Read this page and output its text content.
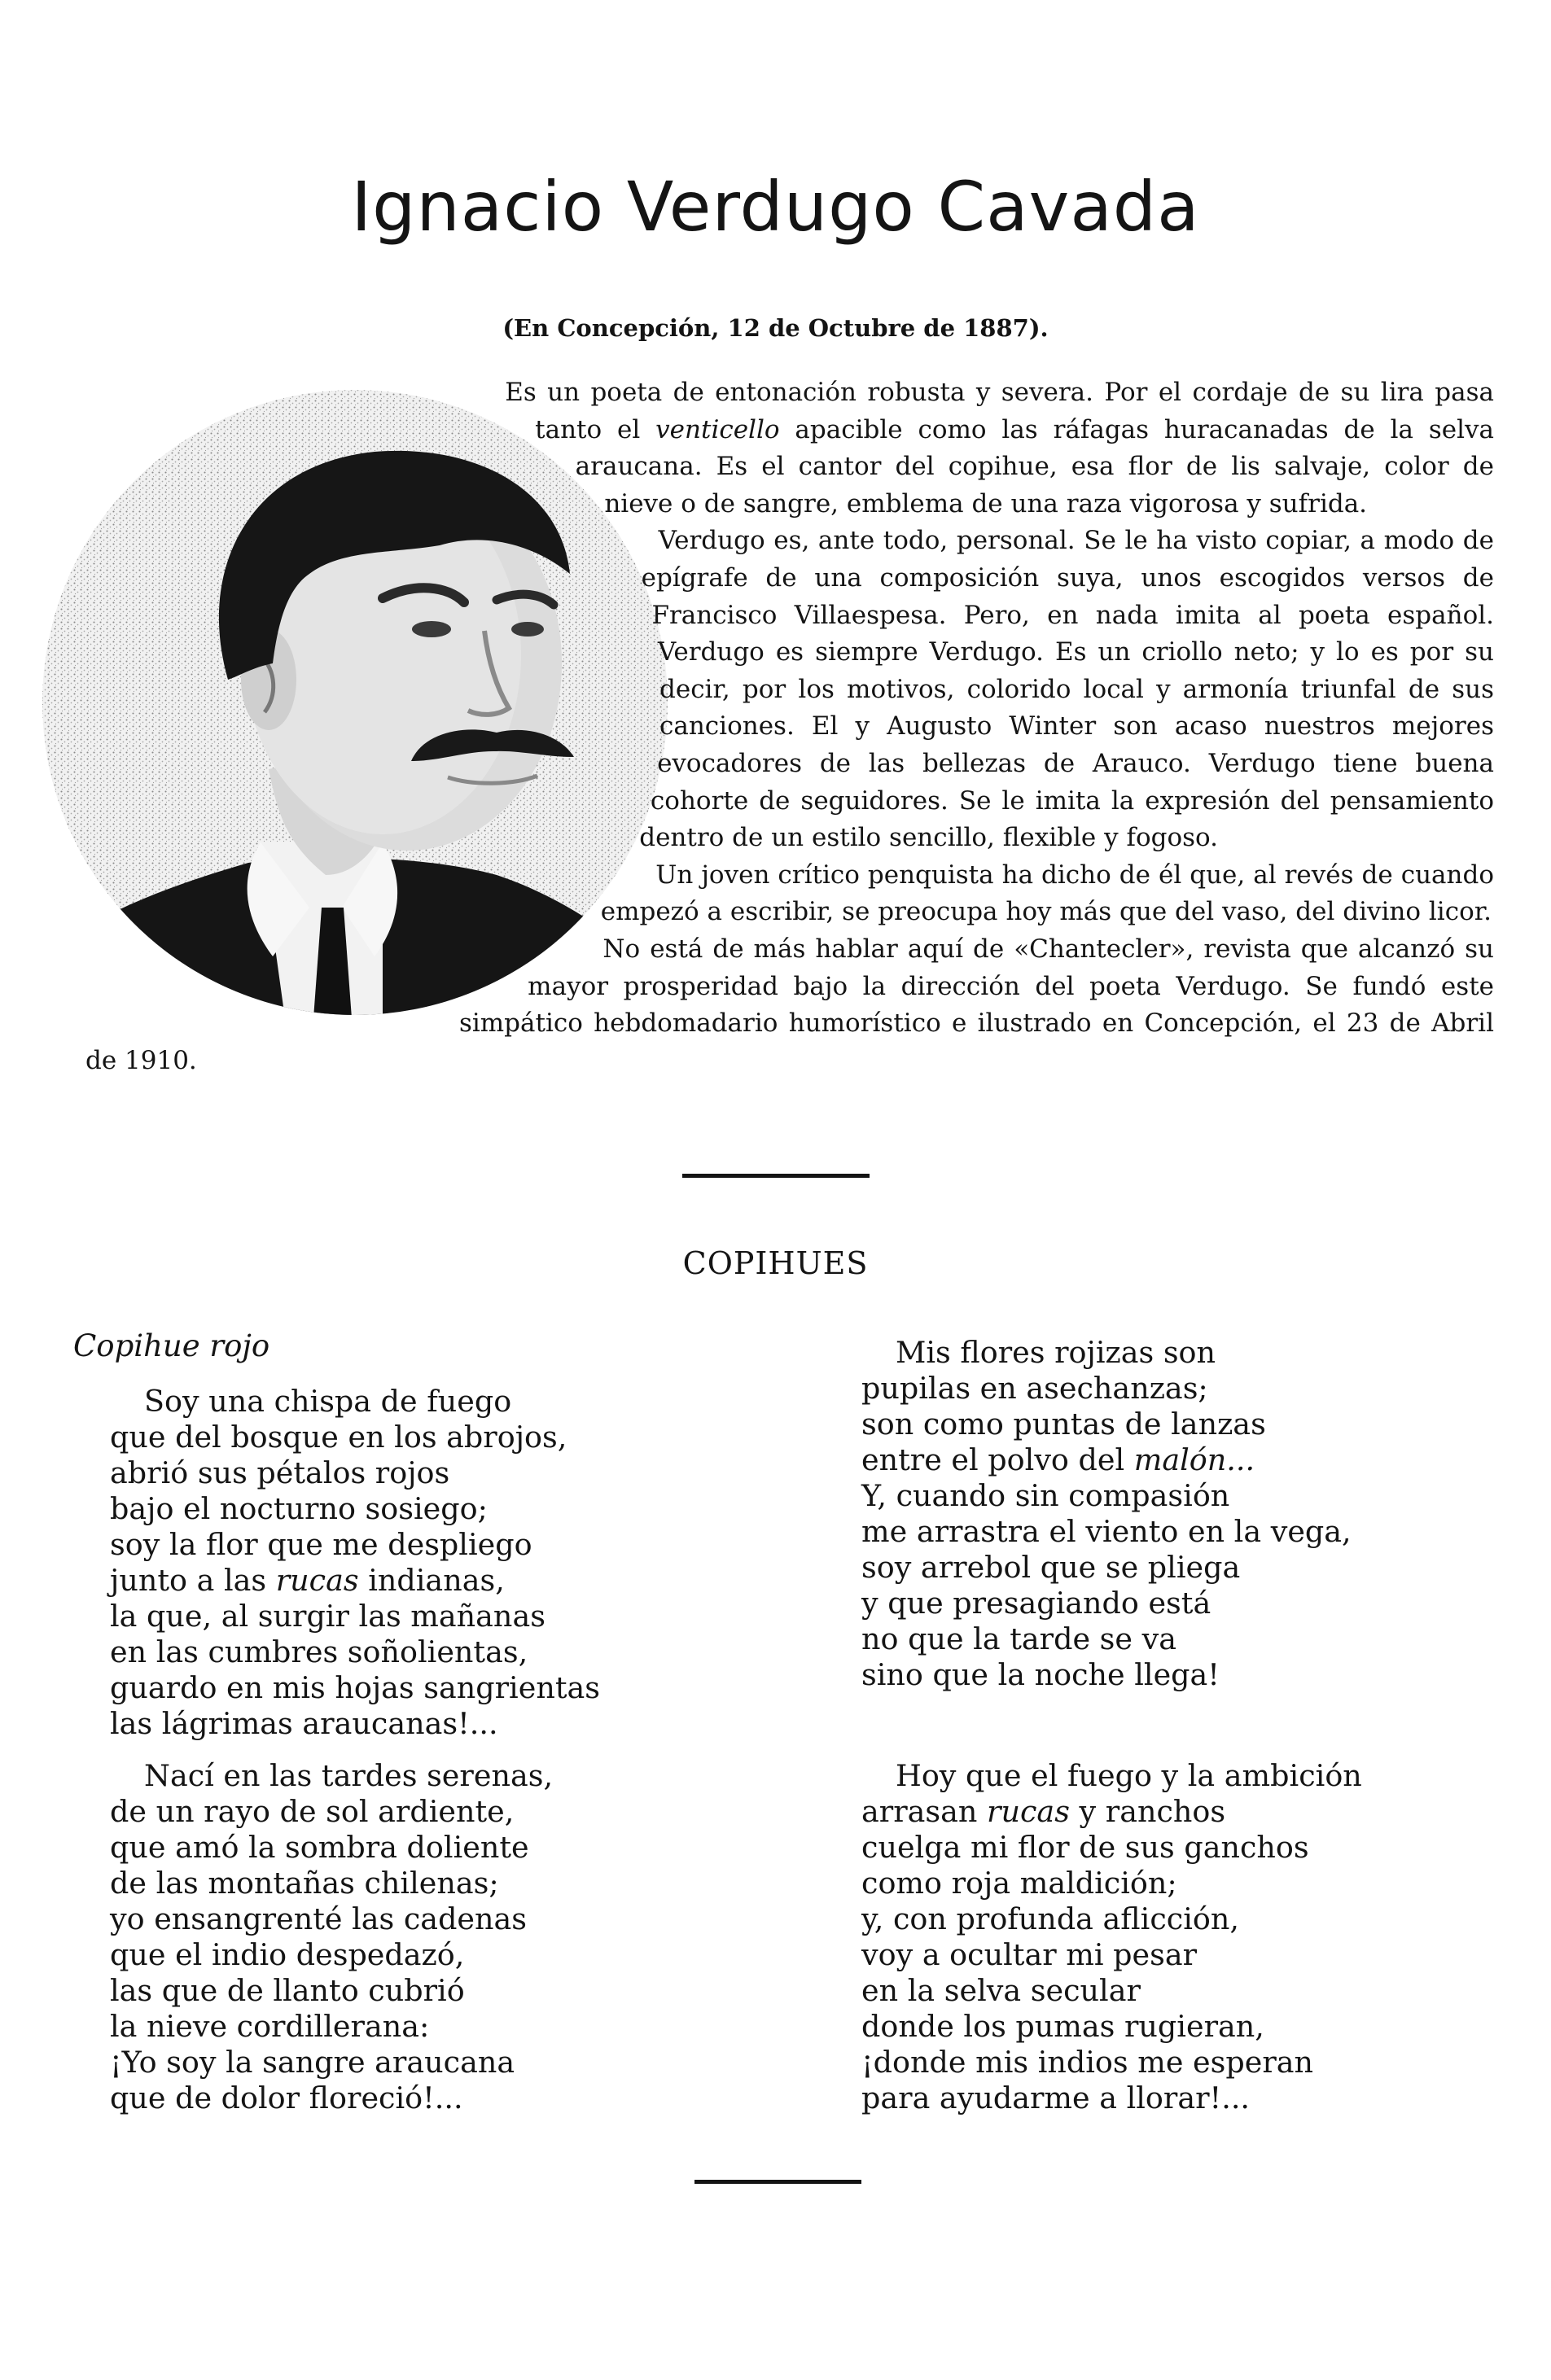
Ignacio Verdugo Cavada

(En Concepción, 12 de Octubre de 1887).

Es un poeta de entonación robusta y severa. Por el cordaje de su lira pasa tanto el venticello apacible como las ráfagas huracanadas de la selva araucana. Es el cantor del copihue, esa flor de lis salvaje, color de nieve o de sangre, emblema de una raza vigorosa y sufrida.

Verdugo es, ante todo, personal. Se le ha visto copiar, a modo de epígrafe de una composición suya, unos escogidos versos de Francisco Villaespesa. Pero, en nada imita al poeta español. Verdugo es siempre Verdugo. Es un criollo neto; y lo es por su decir, por los motivos, colorido local y armonía triunfal de sus canciones. El y Augusto Winter son acaso nuestros mejores evocadores de las bellezas de Arauco. Verdugo tiene buena cohorte de seguidores. Se le imita la expresión del pensamiento dentro de un estilo sencillo, flexible y fogoso.

Un joven crítico penquista ha dicho de él que, al revés de cuando empezó a escribir, se preocupa hoy más que del vaso, del divino licor.

No está de más hablar aquí de «Chantecler», revista que alcanzó su mayor prosperidad bajo la dirección del poeta Verdugo. Se fundó este simpático hebdomadario humorístico e ilustrado en Concepción, el 23 de Abril de 1910.

COPIHUES

Copihue rojo

Soy una chispa de fuego
que del bosque en los abrojos,
abrió sus pétalos rojos
bajo el nocturno sosiego;
soy la flor que me despliego
junto a las rucas indianas,
la que, al surgir las mañanas
en las cumbres soñolientas,
guardo en mis hojas sangrientas
las lágrimas araucanas!...
Nací en las tardes serenas,
de un rayo de sol ardiente,
que amó la sombra doliente
de las montañas chilenas;
yo ensangrenté las cadenas
que el indio despedazó,
las que de llanto cubrió
la nieve cordillerana:
¡Yo soy la sangre araucana
que de dolor floreció!...
Mis flores rojizas son
pupilas en asechanzas;
son como puntas de lanzas
entre el polvo del malón...
Y, cuando sin compasión
me arrastra el viento en la vega,
soy arrebol que se pliega
y que presagiando está
no que la tarde se va
sino que la noche llega!
Hoy que el fuego y la ambición
arrasan rucas y ranchos
cuelga mi flor de sus ganchos
como roja maldición;
y, con profunda aflicción,
voy a ocultar mi pesar
en la selva secular
donde los pumas rugieran,
¡donde mis indios me esperan
para ayudarme a llorar!...
